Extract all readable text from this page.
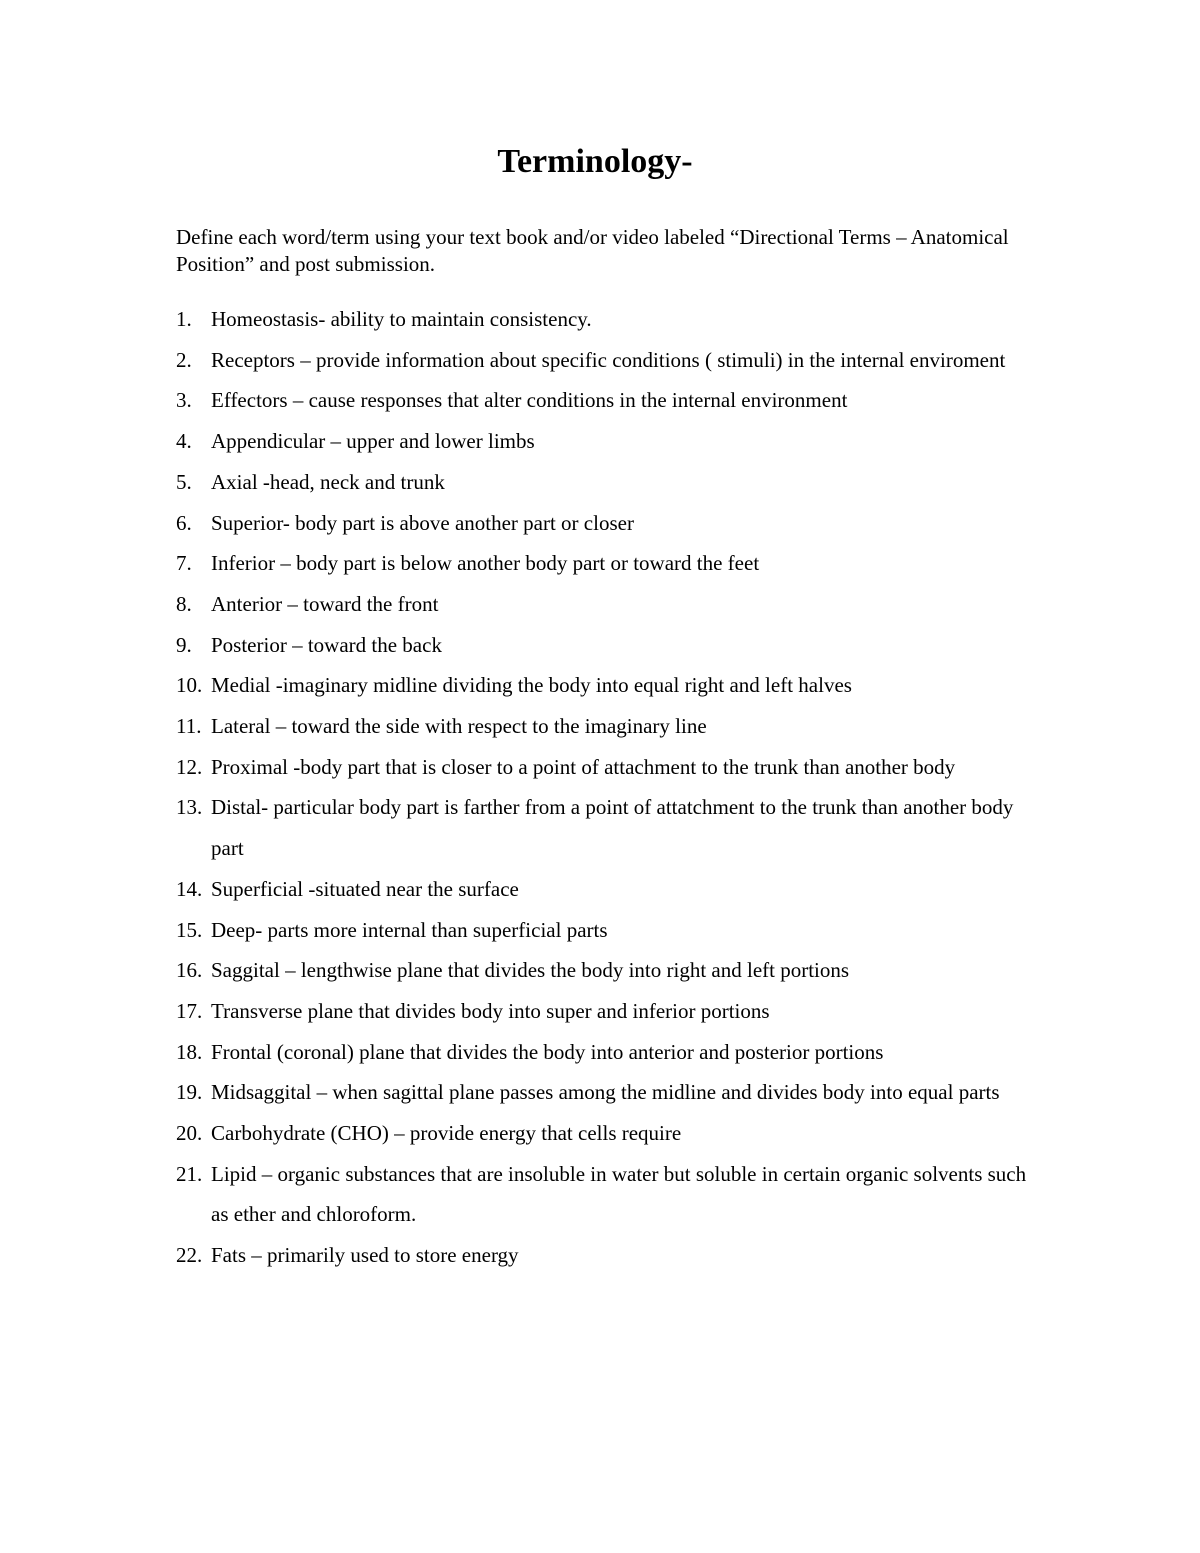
Terminology-

Define each word/term using your text book and/or video labeled “Directional Terms – Anatomical Position” and post submission.

1. Homeostasis- ability to maintain consistency.
2. Receptors – provide information about specific conditions ( stimuli) in the internal enviroment
3. Effectors – cause responses that alter conditions in the internal environment
4. Appendicular – upper and lower limbs
5. Axial -head, neck and trunk
6. Superior- body part is above another part or closer
7. Inferior – body part is below another body part or toward the feet
8. Anterior – toward the front
9. Posterior – toward the back
10. Medial -imaginary midline dividing the body into equal right and left halves
11. Lateral – toward the side with respect to the imaginary line
12. Proximal -body part that is closer to a point of attachment to the trunk than another body
13. Distal- particular body part is farther from a point of attatchment to the trunk than another body part
14. Superficial -situated near the surface
15. Deep- parts more internal than superficial parts
16. Saggital – lengthwise plane that divides the body into right and left portions
17. Transverse plane that divides body into super and inferior portions
18. Frontal (coronal) plane that divides the body into anterior and posterior portions
19. Midsaggital – when sagittal plane passes among the midline and divides body into equal parts
20. Carbohydrate (CHO) – provide energy that cells require
21. Lipid – organic substances that are insoluble in water but soluble in certain organic solvents such as ether and chloroform.
22. Fats – primarily used to store energy
